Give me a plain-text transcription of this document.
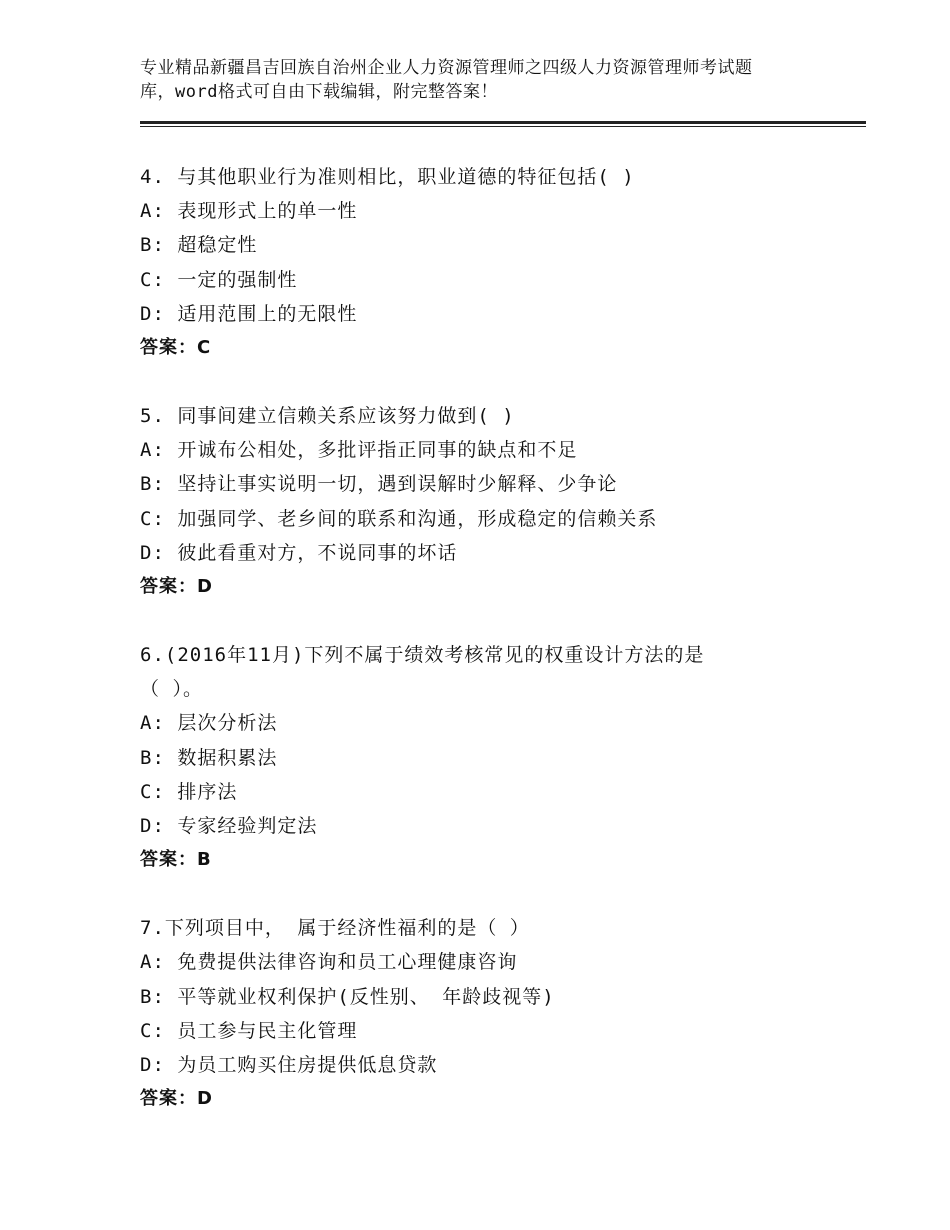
专业精品新疆昌吉回族自治州企业人力资源管理师之四级人力资源管理师考试题
库，word格式可自由下载编辑，附完整答案！
4. 与其他职业行为准则相比，职业道德的特征包括( )
A: 表现形式上的单一性
B: 超稳定性
C: 一定的强制性
D: 适用范围上的无限性
答案：C
5. 同事间建立信赖关系应该努力做到( )
A: 开诚布公相处，多批评指正同事的缺点和不足
B: 坚持让事实说明一切，遇到误解时少解释、少争论
C: 加强同学、老乡间的联系和沟通，形成稳定的信赖关系
D: 彼此看重对方，不说同事的坏话
答案：D
6.(2016年11月)下列不属于绩效考核常见的权重设计方法的是
（ ）。
A: 层次分析法
B: 数据积累法
C: 排序法
D: 专家经验判定法
答案：B
7.下列项目中， 属于经济性福利的是（ ）
A: 免费提供法律咨询和员工心理健康咨询
B: 平等就业权利保护(反性别、 年龄歧视等)
C: 员工参与民主化管理
D: 为员工购买住房提供低息贷款
答案：D
